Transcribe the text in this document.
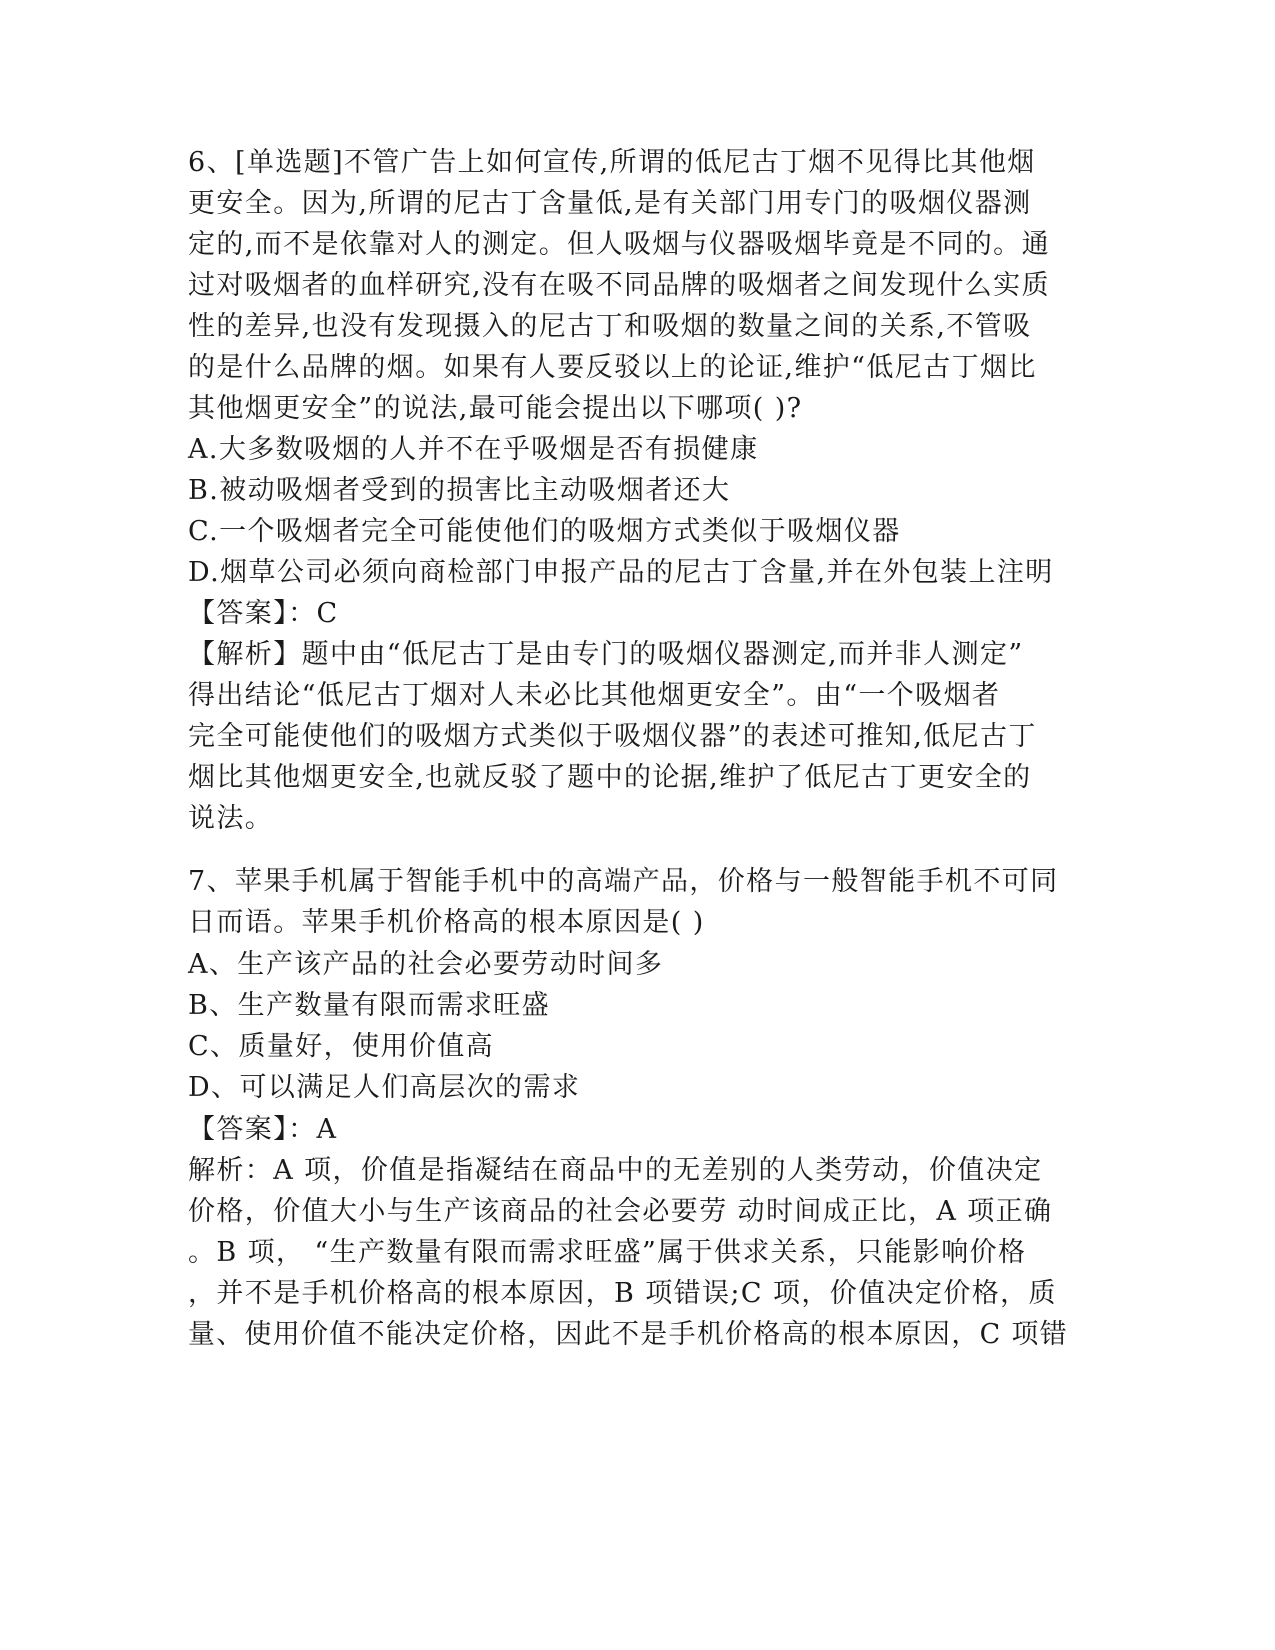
6、[单选题]不管广告上如何宣传,所谓的低尼古丁烟不见得比其他烟
更安全。因为,所谓的尼古丁含量低,是有关部门用专门的吸烟仪器测
定的,而不是依靠对人的测定。但人吸烟与仪器吸烟毕竟是不同的。通
过对吸烟者的血样研究,没有在吸不同品牌的吸烟者之间发现什么实质
性的差异,也没有发现摄入的尼古丁和吸烟的数量之间的关系,不管吸
的是什么品牌的烟。如果有人要反驳以上的论证,维护“低尼古丁烟比
其他烟更安全”的说法,最可能会提出以下哪项( )?
A.大多数吸烟的人并不在乎吸烟是否有损健康
B.被动吸烟者受到的损害比主动吸烟者还大
C.一个吸烟者完全可能使他们的吸烟方式类似于吸烟仪器
D.烟草公司必须向商检部门申报产品的尼古丁含量,并在外包装上注明
【答案】：C
【解析】题中由“低尼古丁是由专门的吸烟仪器测定,而并非人测定”
得出结论“低尼古丁烟对人未必比其他烟更安全”。由“一个吸烟者
完全可能使他们的吸烟方式类似于吸烟仪器”的表述可推知,低尼古丁
烟比其他烟更安全,也就反驳了题中的论据,维护了低尼古丁更安全的
说法。
7、苹果手机属于智能手机中的高端产品，价格与一般智能手机不可同
日而语。苹果手机价格高的根本原因是( )
A、生产该产品的社会必要劳动时间多
B、生产数量有限而需求旺盛
C、质量好，使用价值高
D、可以满足人们高层次的需求
【答案】：A
解析：A 项，价值是指凝结在商品中的无差别的人类劳动，价值决定
价格，价值大小与生产该商品的社会必要劳 动时间成正比，A 项正确
。B 项， “生产数量有限而需求旺盛”属于供求关系，只能影响价格
，并不是手机价格高的根本原因，B 项错误;C 项，价值决定价格，质
量、使用价值不能决定价格，因此不是手机价格高的根本原因，C 项错
